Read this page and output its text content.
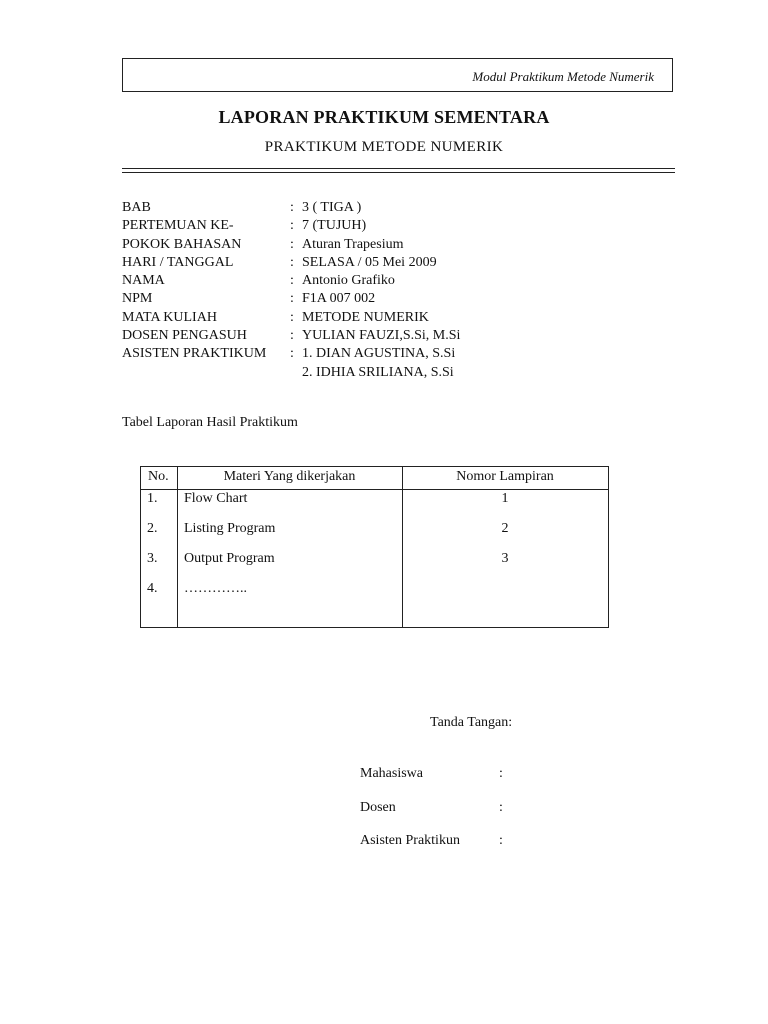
Modul Praktikum Metode Numerik
LAPORAN PRAKTIKUM SEMENTARA
PRAKTIKUM METODE NUMERIK
BAB	: 3 ( TIGA )
PERTEMUAN KE-	: 7 (TUJUH)
POKOK BAHASAN	: Aturan Trapesium
HARI / TANGGAL	: SELASA / 05 Mei 2009
NAMA	: Antonio Grafiko
NPM	: F1A 007 002
MATA KULIAH	: METODE NUMERIK
DOSEN PENGASUH	: YULIAN FAUZI,S.Si, M.Si
ASISTEN PRAKTIKUM : 1. DIAN AGUSTINA, S.Si
2. IDHIA SRILIANA, S.Si
Tabel Laporan Hasil Praktikum
No.	Materi Yang dikerjakan	Nomor Lampiran
1. Flow Chart	1
2. Listing Program	2
3. Output Program	3
4. …………..
Tanda Tangan:
Mahasiswa	:
Dosen	:
Asisten Praktikun	:
